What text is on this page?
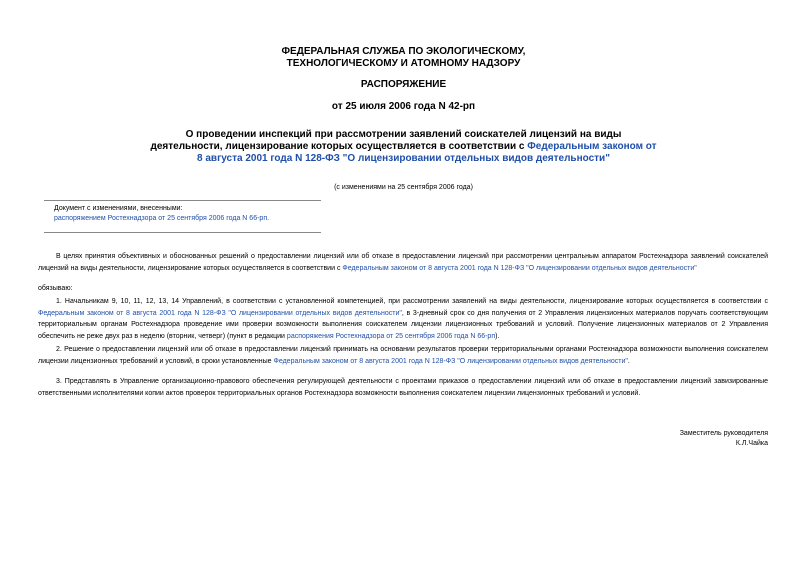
ФЕДЕРАЛЬНАЯ СЛУЖБА ПО ЭКОЛОГИЧЕСКОМУ,
ТЕХНОЛОГИЧЕСКОМУ И АТОМНОМУ НАДЗОРУ
РАСПОРЯЖЕНИЕ
от 25 июля 2006 года N 42-рп
О проведении инспекций при рассмотрении заявлений соискателей лицензий на виды деятельности, лицензирование которых осуществляется в соответствии с Федеральным законом от 8 августа 2001 года N 128-ФЗ "О лицензировании отдельных видов деятельности"
(с изменениями на 25 сентября 2006 года)
Документ с изменениями, внесенными:
распоряжением Ростехнадзора от 25 сентября 2006 года N 66-рп.

В целях принятия объективных и обоснованных решений о предоставлении лицензий или об отказе в предоставлении лицензий при рассмотрении центральным аппаратом Ростехнадзора заявлений соискателей лицензий на виды деятельности, лицензирование которых осуществляется в соответствии с Федеральным законом от 8 августа 2001 года N 128-ФЗ "О лицензировании отдельных видов деятельности"

обязываю:

1. Начальникам 9, 10, 11, 12, 13, 14 Управлений, в соответствии с установленной компетенцией, при рассмотрении заявлений на виды деятельности, лицензирование которых осуществляется в соответствии с Федеральным законом от 8 августа 2001 года N 128-ФЗ "О лицензировании отдельных видов деятельности", в 3-дневный срок со дня получения от 2 Управления лицензионных материалов поручать соответствующим территориальным органам Ростехнадзора проведение ими проверки возможности выполнения соискателем лицензии лицензионных требований и условий. Получение лицензионных материалов от 2 Управления обеспечить не реже двух раз в неделю (вторник, четверг) (пункт в редакции распоряжения Ростехнадзора от 25 сентября 2006 года N 66-рп).

2. Решение о предоставлении лицензий или об отказе в предоставлении лицензий принимать на основании результатов проверки территориальными органами Ростехнадзора возможности выполнения соискателем лицензии лицензионных требований и условий, в сроки установленные Федеральным законом от 8 августа 2001 года N 128-ФЗ "О лицензировании отдельных видов деятельности".

3. Представлять в Управление организационно-правового обеспечения регулирующей деятельности с проектами приказов о предоставлении лицензий или об отказе в предоставлении лицензий завизированные ответственными исполнителями копии актов проверок территориальных органов Ростехнадзора возможности выполнения соискателем лицензии лицензионных требований и условий.

Заместитель руководителя
К.Л.Чайка
